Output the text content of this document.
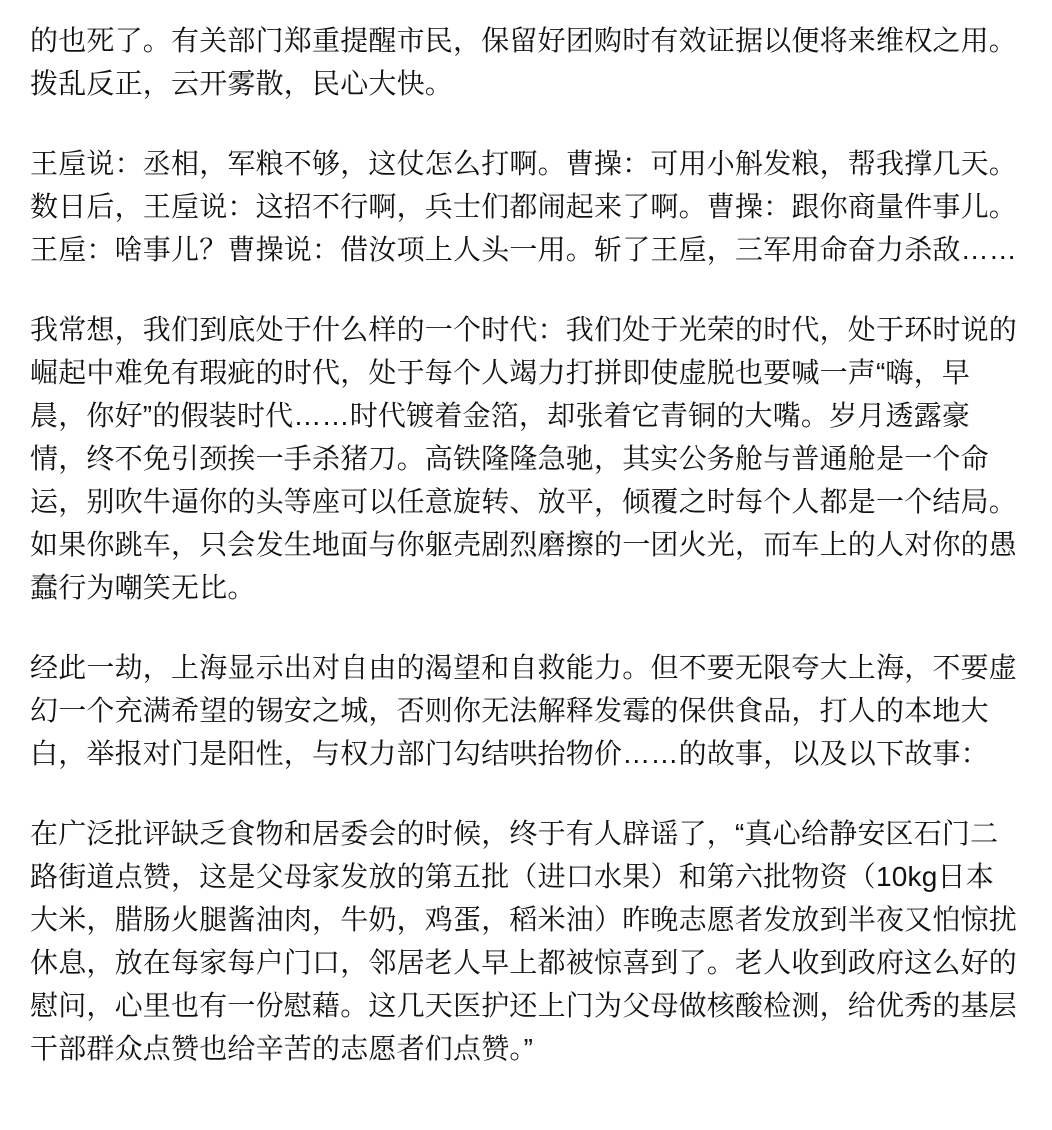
的也死了。有关部门郑重提醒市民，保留好团购时有效证据以便将来维权之用。拨乱反正，云开雾散，民心大快。

王垕说：丞相，军粮不够，这仗怎么打啊。曹操：可用小斛发粮，帮我撑几天。数日后，王垕说：这招不行啊，兵士们都闹起来了啊。曹操：跟你商量件事儿。王垕：啥事儿？曹操说：借汝项上人头一用。斩了王垕，三军用命奋力杀敌……

我常想，我们到底处于什么样的一个时代：我们处于光荣的时代，处于环时说的崛起中难免有瑕疵的时代，处于每个人竭力打拼即使虚脱也要喊一声“嗨，早晨，你好”的假装时代……时代镀着金箔，却张着它青铜的大嘴。岁月透露豪情，终不免引颈挨一手杀猪刀。高铁隆隆急驰，其实公务舱与普通舱是一个命运，别吹牛逼你的头等座可以任意旋转、放平，倾覆之时每个人都是一个结局。如果你跳车，只会发生地面与你躯壳剧烈磨擦的一团火光，而车上的人对你的愚蠢行为嘲笑无比。

经此一劫，上海显示出对自由的渴望和自救能力。但不要无限夸大上海，不要虚幻一个充满希望的锡安之城，否则你无法解释发霉的保供食品，打人的本地大白，举报对门是阳性，与权力部门勾结哄抬物价……的故事，以及以下故事：

在广泛批评缺乏食物和居委会的时候，终于有人辟谣了，“真心给静安区石门二路街道点赞，这是父母家发放的第五批（进口水果）和第六批物资（10kg日本大米，腊肠火腿酱油肉，牛奶，鸡蛋，稻米油）昨晚志愿者发放到半夜又怕惊扰休息，放在每家每户门口，邻居老人早上都被惊喜到了。老人收到政府这么好的慰问，心里也有一份慰藉。这几天医护还上门为父母做核酸检测，给优秀的基层干部群众点赞也给辛苦的志愿者们点赞。”
